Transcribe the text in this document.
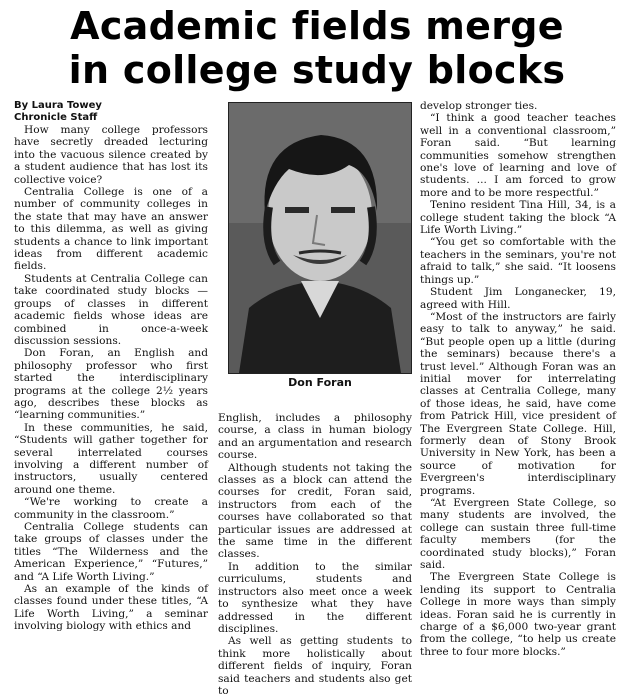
Academic fields merge
in college study blocks
By Laura Towey
Chronicle Staff

How many college professors have secretly dreaded lecturing into the vacuous silence created by a student audience that has lost its collective voice?

Centralia College is one of a number of community colleges in the state that may have an answer to this dilemma, as well as giving students a chance to link important ideas from different academic fields.

Students at Centralia College can take coordinated study blocks — groups of classes in different academic fields whose ideas are combined in once-a-week discussion sessions.

Don Foran, an English and philosophy professor who first started the interdisciplinary programs at the college 2½ years ago, describes these blocks as “learning communities.”

In these communities, he said, “Students will gather together for several interrelated courses involving a different number of instructors, usually centered around one theme.

“We're working to create a community in the classroom.”

Centralia College students can take groups of classes under the titles “The Wilderness and the American Experience,” “Futures,” and “A Life Worth Living.”

As an example of the kinds of classes found under these titles, “A Life Worth Living,” a seminar involving biology with ethics and

Don Foran

English, includes a philosophy course, a class in human biology and an argumentation and research course.

Although students not taking the classes as a block can attend the courses for credit, Foran said, instructors from each of the courses have collaborated so that particular issues are addressed at the same time in the different classes.

In addition to the similar curriculums, students and instructors also meet once a week to synthesize what they have addressed in the different disciplines.

As well as getting students to think more holistically about different fields of inquiry, Foran said teachers and students also get to

develop stronger ties.

“I think a good teacher teaches well in a conventional classroom,” Foran said. “But learning communities somehow strengthen one's love of learning and love of students. ... I am forced to grow more and to be more respectful.”

Tenino resident Tina Hill, 34, is a college student taking the block “A Life Worth Living.”

“You get so comfortable with the teachers in the seminars, you're not afraid to talk,” she said. “It loosens things up.”

Student Jim Longanecker, 19, agreed with Hill.

“Most of the instructors are fairly easy to talk to anyway,” he said. “But people open up a little (during the seminars) because there's a trust level.” Although Foran was an initial mover for interrelating classes at Centralia College, many of those ideas, he said, have come from Patrick Hill, vice president of The Evergreen State College. Hill, formerly dean of Stony Brook University in New York, has been a source of motivation for Evergreen's interdisciplinary programs.

“At Evergreen State College, so many students are involved, the college can sustain three full-time faculty members (for the coordinated study blocks),” Foran said.

The Evergreen State College is lending its support to Centralia College in more ways than simply ideas. Foran said he is currently in charge of a $6,000 two-year grant from the college, “to help us create three to four more blocks.”
